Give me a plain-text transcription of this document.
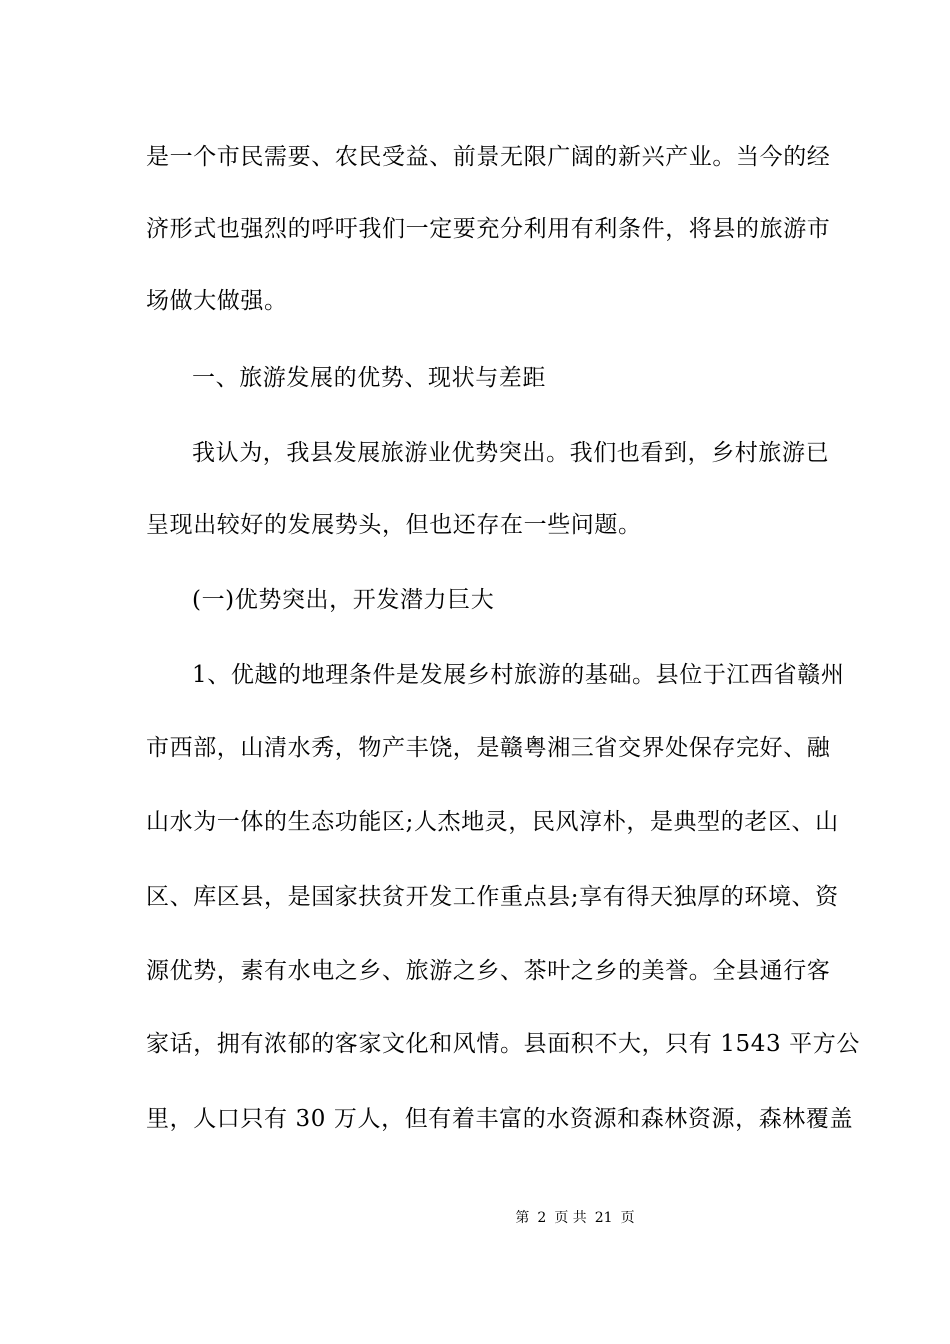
是一个市民需要、农民受益、前景无限广阔的新兴产业。当今的经
济形式也强烈的呼吁我们一定要充分利用有利条件，将县的旅游市
场做大做强。
一、旅游发展的优势、现状与差距
我认为，我县发展旅游业优势突出。我们也看到，乡村旅游已
呈现出较好的发展势头，但也还存在一些问题。
(一)优势突出，开发潜力巨大
1、优越的地理条件是发展乡村旅游的基础。县位于江西省赣州
市西部，山清水秀，物产丰饶，是赣粤湘三省交界处保存完好、融
山水为一体的生态功能区;人杰地灵，民风淳朴，是典型的老区、山
区、库区县，是国家扶贫开发工作重点县;享有得天独厚的环境、资
源优势，素有水电之乡、旅游之乡、茶叶之乡的美誉。全县通行客
家话，拥有浓郁的客家文化和风情。县面积不大，只有 1543 平方公
里，人口只有 30 万人，但有着丰富的水资源和森林资源，森林覆盖
第 2 页 共 21 页
